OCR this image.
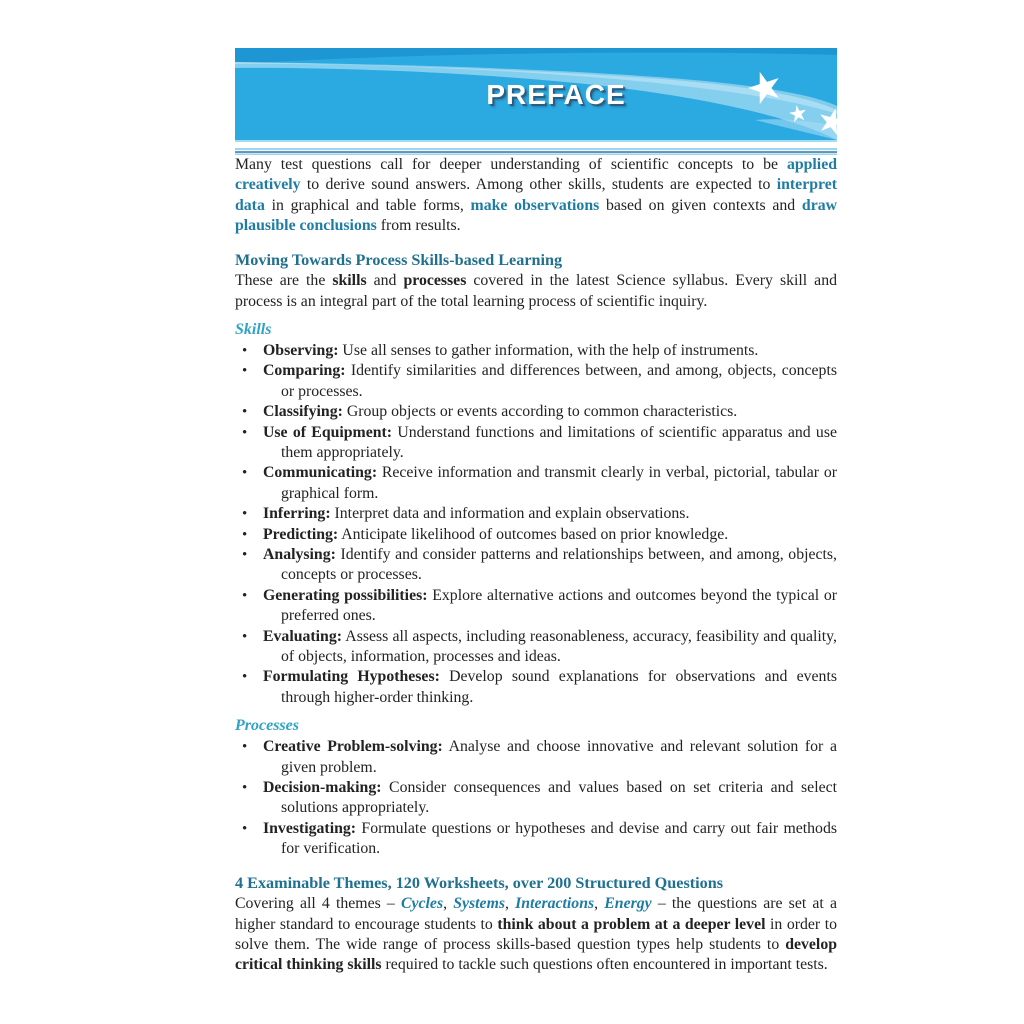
PREFACE

Many test questions call for deeper understanding of scientific concepts to be applied creatively to derive sound answers. Among other skills, students are expected to interpret data in graphical and table forms, make observations based on given contexts and draw plausible conclusions from results.

Moving Towards Process Skills-based Learning

These are the skills and processes covered in the latest Science syllabus. Every skill and process is an integral part of the total learning process of scientific inquiry.

Skills
• Observing: Use all senses to gather information, with the help of instruments.
• Comparing: Identify similarities and differences between, and among, objects, concepts or processes.
• Classifying: Group objects or events according to common characteristics.
• Use of Equipment: Understand functions and limitations of scientific apparatus and use them appropriately.
• Communicating: Receive information and transmit clearly in verbal, pictorial, tabular or graphical form.
• Inferring: Interpret data and information and explain observations.
• Predicting: Anticipate likelihood of outcomes based on prior knowledge.
• Analysing: Identify and consider patterns and relationships between, and among, objects, concepts or processes.
• Generating possibilities: Explore alternative actions and outcomes beyond the typical or preferred ones.
• Evaluating: Assess all aspects, including reasonableness, accuracy, feasibility and quality, of objects, information, processes and ideas.
• Formulating Hypotheses: Develop sound explanations for observations and events through higher-order thinking.
Processes
• Creative Problem-solving: Analyse and choose innovative and relevant solution for a given problem.
• Decision-making: Consider consequences and values based on set criteria and select solutions appropriately.
• Investigating: Formulate questions or hypotheses and devise and carry out fair methods for verification.
4 Examinable Themes, 120 Worksheets, over 200 Structured Questions

Covering all 4 themes – Cycles, Systems, Interactions, Energy – the questions are set at a higher standard to encourage students to think about a problem at a deeper level in order to solve them. The wide range of process skills-based question types help students to develop critical thinking skills required to tackle such questions often encountered in important tests.
